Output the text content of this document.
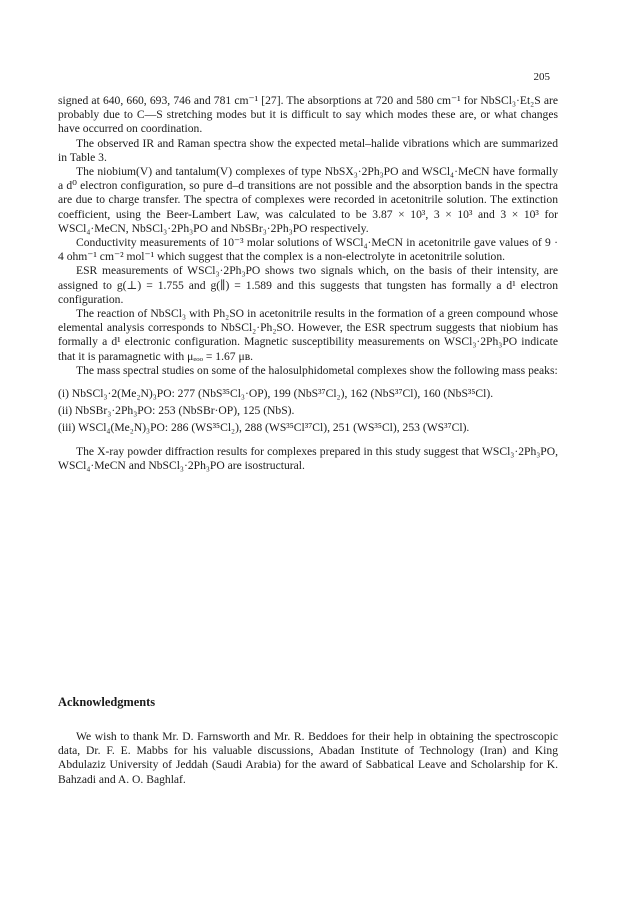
205

signed at 640, 660, 693, 746 and 781 cm⁻¹ [27]. The absorptions at 720 and 580 cm⁻¹ for NbSCl₃·Et₂S are probably due to C—S stretching modes but it is difficult to say which modes these are, or what changes have occurred on coordination.

The observed IR and Raman spectra show the expected metal–halide vibrations which are summarized in Table 3.

The niobium(V) and tantalum(V) complexes of type NbSX₃·2Ph₃PO and WSCl₄·MeCN have formally a d⁰ electron configuration, so pure d–d transitions are not possible and the absorption bands in the spectra are due to charge transfer. The spectra of complexes were recorded in acetonitrile solution. The extinction coefficient, using the Beer-Lambert Law, was calculated to be 3.87 × 10³, 3 × 10³ and 3 × 10³ for WSCl₄·MeCN, NbSCl₃·2Ph₃PO and NbSBr₃·2Ph₃PO respectively.

Conductivity measurements of 10⁻³ molar solutions of WSCl₄·MeCN in acetonitrile gave values of 9 · 4 ohm⁻¹ cm⁻² mol⁻¹ which suggest that the complex is a non-electrolyte in acetonitrile solution.

ESR measurements of WSCl₃·2Ph₃PO shows two signals which, on the basis of their intensity, are assigned to g(⊥) = 1.755 and g(∥) = 1.589 and this suggests that tungsten has formally a d¹ electron configuration.

The reaction of NbSCl₃ with Ph₂SO in acetonitrile results in the formation of a green compound whose elemental analysis corresponds to NbSCl₂·Ph₂SO. However, the ESR spectrum suggests that niobium has formally a d¹ electronic configuration. Magnetic susceptibility measurements on WSCl₃·2Ph₃PO indicate that it is paramagnetic with μₑₒₒ = 1.67 μʙ.

The mass spectral studies on some of the halosulphidometal complexes show the following mass peaks:

(i) NbSCl₃·2(Me₂N)₃PO: 277 (NbS³⁵Cl₃·OP), 199 (NbS³⁷Cl₂), 162 (NbS³⁷Cl), 160 (NbS³⁵Cl).

(ii) NbSBr₃·2Ph₃PO: 253 (NbSBr·OP), 125 (NbS).

(iii) WSCl₄(Me₂N)₃PO: 286 (WS³⁵Cl₂), 288 (WS³⁵Cl³⁷Cl), 251 (WS³⁵Cl), 253 (WS³⁷Cl).

The X-ray powder diffraction results for complexes prepared in this study suggest that WSCl₃·2Ph₃PO, WSCl₄·MeCN and NbSCl₃·2Ph₃PO are isostructural.

Acknowledgments

We wish to thank Mr. D. Farnsworth and Mr. R. Beddoes for their help in obtaining the spectroscopic data, Dr. F. E. Mabbs for his valuable discussions, Abadan Institute of Technology (Iran) and King Abdulaziz University of Jeddah (Saudi Arabia) for the award of Sabbatical Leave and Scholarship for K. Bahzadi and A. O. Baghlaf.
